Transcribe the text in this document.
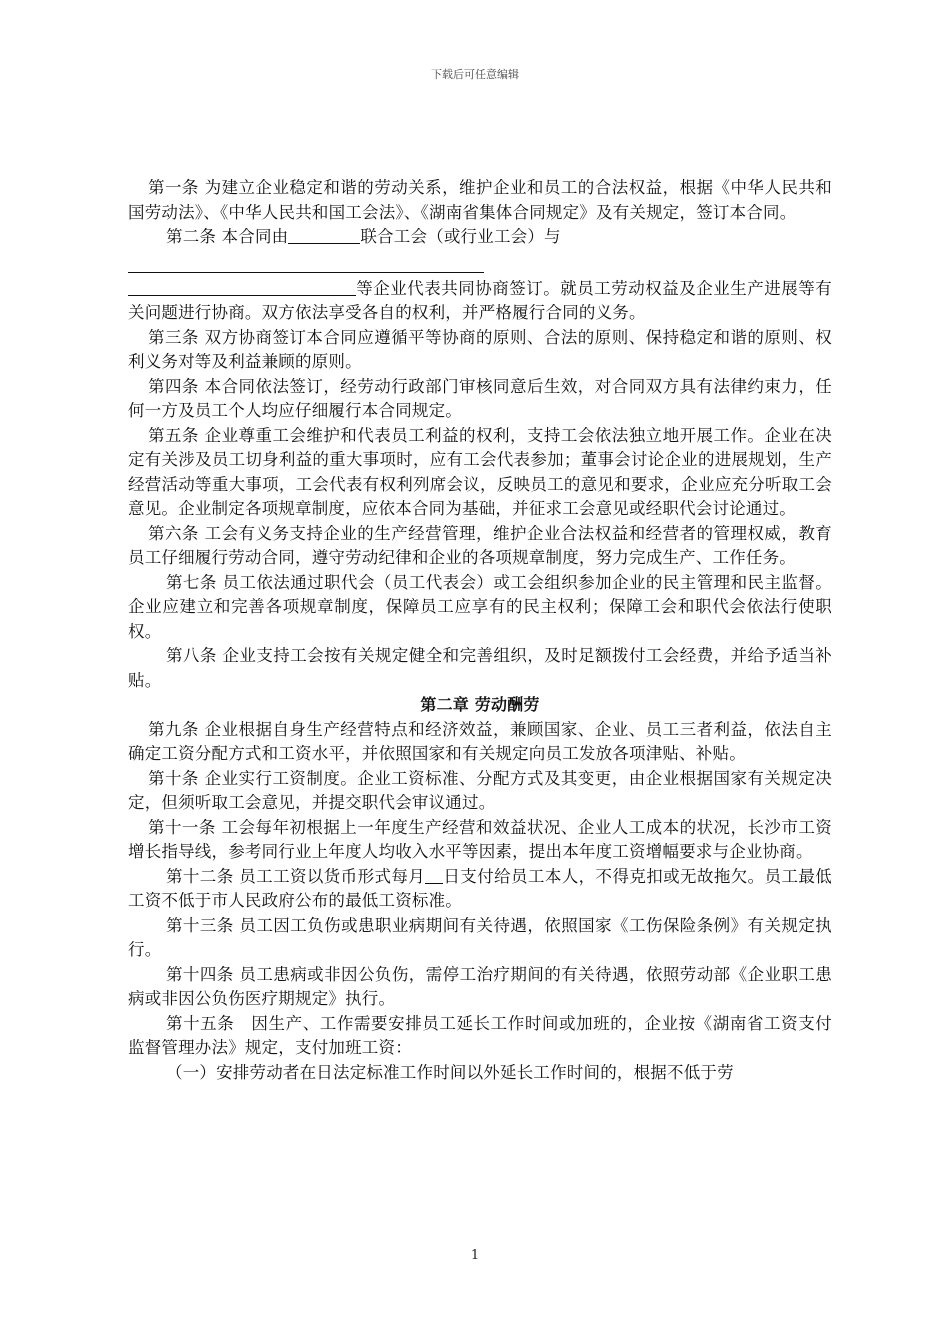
下载后可任意编辑

第一条 为建立企业稳定和谐的劳动关系，维护企业和员工的合法权益，根据《中华人民共和国劳动法》、《中华人民共和国工会法》、《湖南省集体合同规定》及有关规定，签订本合同。

第二条 本合同由	联合工会（或行业工会）与

等企业代表共同协商签订。就员工劳动权益及企业生产进展等有关问题进行协商。双方依法享受各自的权利，并严格履行合同的义务。

第三条 双方协商签订本合同应遵循平等协商的原则、合法的原则、保持稳定和谐的原则、权利义务对等及利益兼顾的原则。

第四条 本合同依法签订，经劳动行政部门审核同意后生效，对合同双方具有法律约束力，任何一方及员工个人均应仔细履行本合同规定。

第五条 企业尊重工会维护和代表员工利益的权利，支持工会依法独立地开展工作。企业在决定有关涉及员工切身利益的重大事项时，应有工会代表参加；董事会讨论企业的进展规划，生产经营活动等重大事项，工会代表有权利列席会议，反映员工的意见和要求，企业应充分听取工会意见。企业制定各项规章制度，应依本合同为基础，并征求工会意见或经职代会讨论通过。

第六条 工会有义务支持企业的生产经营管理，维护企业合法权益和经营者的管理权威，教育员工仔细履行劳动合同，遵守劳动纪律和企业的各项规章制度，努力完成生产、工作任务。

第七条 员工依法通过职代会（员工代表会）或工会组织参加企业的民主管理和民主监督。企业应建立和完善各项规章制度，保障员工应享有的民主权利；保障工会和职代会依法行使职权。

第八条 企业支持工会按有关规定健全和完善组织，及时足额拨付工会经费，并给予适当补贴。

第二章 劳动酬劳

第九条 企业根据自身生产经营特点和经济效益，兼顾国家、企业、员工三者利益，依法自主确定工资分配方式和工资水平，并依照国家和有关规定向员工发放各项津贴、补贴。

第十条 企业实行工资制度。企业工资标准、分配方式及其变更，由企业根据国家有关规定决定，但须听取工会意见，并提交职代会审议通过。

第十一条 工会每年初根据上一年度生产经营和效益状况、企业人工成本的状况，长沙市工资增长指导线，参考同行业上年度人均收入水平等因素，提出本年度工资增幅要求与企业协商。

第十二条 员工工资以货币形式每月 日支付给员工本人，不得克扣或无故拖欠。员工最低工资不低于市人民政府公布的最低工资标准。

第十三条 员工因工负伤或患职业病期间有关待遇，依照国家《工伤保险条例》有关规定执行。

第十四条 员工患病或非因公负伤，需停工治疗期间的有关待遇，依照劳动部《企业职工患病或非因公负伤医疗期规定》执行。

第十五条　因生产、工作需要安排员工延长工作时间或加班的，企业按《湖南省工资支付监督管理办法》规定，支付加班工资：

（一）安排劳动者在日法定标准工作时间以外延长工作时间的，根据不低于劳

1
